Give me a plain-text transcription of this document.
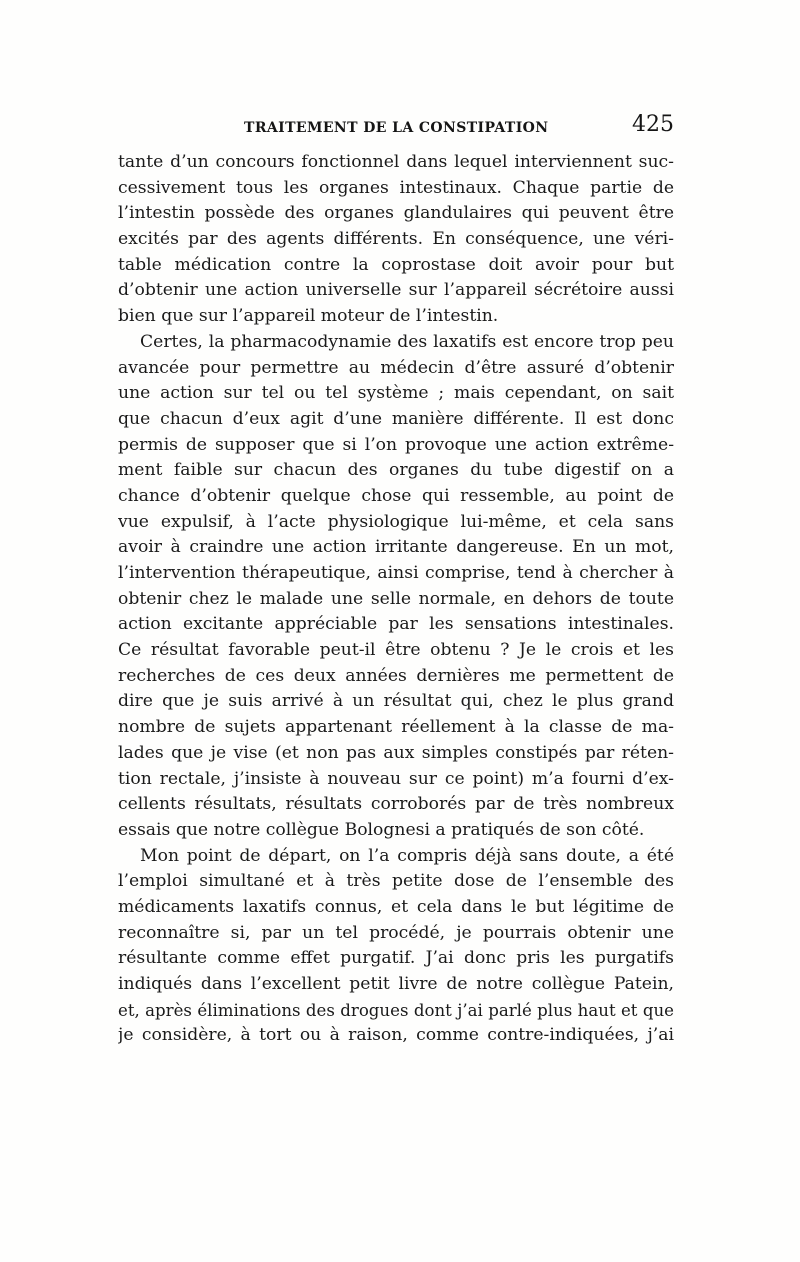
TRAITEMENT DE LA CONSTIPATION	425
tante d’un concours fonctionnel dans lequel interviennent suc-
cessivement tous les organes intestinaux. Chaque partie de
l’intestin possède des organes glandulaires qui peuvent être
excités par des agents différents. En conséquence, une véri-
table médication contre la coprostase doit avoir pour but
d’obtenir une action universelle sur l’appareil sécrétoire aussi
bien que sur l’appareil moteur de l’intestin.
Certes, la pharmacodynamie des laxatifs est encore trop peu
avancée pour permettre au médecin d’être assuré d’obtenir
une action sur tel ou tel système ; mais cependant, on sait
que chacun d’eux agit d’une manière différente. Il est donc
permis de supposer que si l’on provoque une action extrême-
ment faible sur chacun des organes du tube digestif on a
chance d’obtenir quelque chose qui ressemble, au point de
vue expulsif, à l’acte physiologique lui-même, et cela sans
avoir à craindre une action irritante dangereuse. En un mot,
l’intervention thérapeutique, ainsi comprise, tend à chercher à
obtenir chez le malade une selle normale, en dehors de toute
action excitante appréciable par les sensations intestinales.
Ce résultat favorable peut-il être obtenu ? Je le crois et les
recherches de ces deux années dernières me permettent de
dire que je suis arrivé à un résultat qui, chez le plus grand
nombre de sujets appartenant réellement à la classe de ma-
lades que je vise (et non pas aux simples constipés par réten-
tion rectale, j’insiste à nouveau sur ce point) m’a fourni d’ex-
cellents résultats, résultats corroborés par de très nombreux
essais que notre collègue Bolognesi a pratiqués de son côté.
Mon point de départ, on l’a compris déjà sans doute, a été
l’emploi simultané et à très petite dose de l’ensemble des
médicaments laxatifs connus, et cela dans le but légitime de
reconnaître si, par un tel procédé, je pourrais obtenir une
résultante comme effet purgatif. J’ai donc pris les purgatifs
indiqués dans l’excellent petit livre de notre collègue Patein,
et, après éliminations des drogues dont j’ai parlé plus haut et que
je considère, à tort ou à raison, comme contre-indiquées, j’ai
